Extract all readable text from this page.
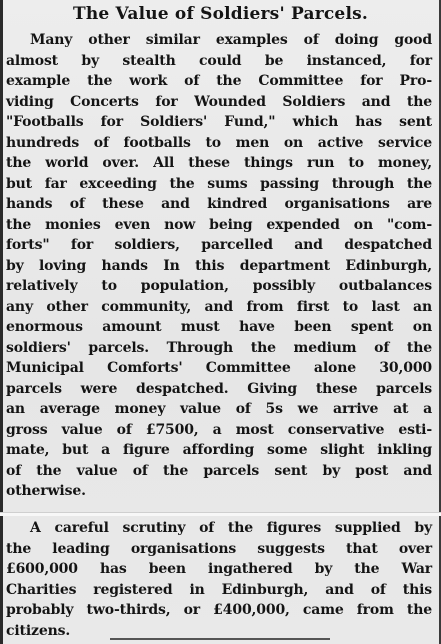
The Value of Soldiers' Parcels.
Many other similar examples of doing good
almost by stealth could be instanced, for
example the work of the Committee for Pro-
viding Concerts for Wounded Soldiers and the
"Footballs for Soldiers' Fund," which has sent
hundreds of footballs to men on active service
the world over. All these things run to money,
but far exceeding the sums passing through the
hands of these and kindred organisations are
the monies even now being expended on "com-
forts" for soldiers, parcelled and despatched
by loving hands In this department Edinburgh,
relatively to population, possibly outbalances
any other community, and from first to last an
enormous amount must have been spent on
soldiers' parcels. Through the medium of the
Municipal Comforts' Committee alone 30,000
parcels were despatched. Giving these parcels
an average money value of 5s we arrive at a
gross value of £7500, a most conservative esti-
mate, but a figure affording some slight inkling
of the value of the parcels sent by post and
otherwise.
A careful scrutiny of the figures supplied by
the leading organisations suggests that over
£600,000 has been ingathered by the War
Charities registered in Edinburgh, and of this
probably two-thirds, or £400,000, came from the
citizens.
